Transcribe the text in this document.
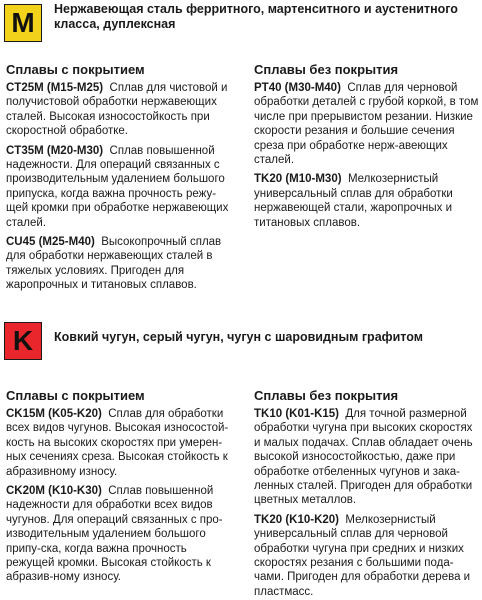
M	Нержавеющая сталь ферритного, мартенситного и аустенитного класса, дуплексная
Сплавы с покрытием

CT25M (M15-M25) Сплав для чистовой и получистовой обработки нержавеющих сталей. Высокая износостойкость при скоростной обработке.

CT35M (M20-M30) Сплав повышенной надежности. Для операций связанных с производительным удалением большого припуска, когда важна прочность режу-щей кромки при обработке нержавеющих сталей.

CU45 (M25-M40) Высокопрочный сплав для обработки нержавеющих сталей в тяжелых условиях. Пригоден для жаропрочных и титановых сплавов.

Сплавы без покрытия

PT40 (M30-M40) Сплав для черновой обработки деталей с грубой коркой, в том числе при прерывистом резании. Низкие скорости резания и большие сечения среза при обработке нерж-авеющих сталей.

TK20 (M10-M30) Мелкозернистый универсальный сплав для обработки нержавеющей стали, жаропрочных и титановых сплавов.

K	Ковкий чугун, серый чугун, чугун с шаровидным графитом
Сплавы с покрытием

CK15M (K05-K20) Сплав для обработки всех видов чугунов. Высокая износостой-кость на высоких скоростях при умерен-ных сечениях среза. Высокая стойкость к абразивному износу.

CK20M (K10-K30) Сплав повышенной надежности для обработки всех видов чугунов. Для операций связанных с про-изводительным удалением большого припу-ска, когда важна прочность режущей кромки. Высокая стойкость к абразив-ному износу.

Сплавы без покрытия

TK10 (K01-K15) Для точной размерной обработки чугуна при высоких скоростях и малых подачах. Сплав обладает очень высокой износостойкостью, даже при обработке отбеленных чугунов и зака-ленных сталей. Пригоден для обработки цветных металлов.

TK20 (K10-K20) Мелкозернистый универсальный сплав для черновой обработки чугуна при средних и низких скоростях резания с большими пода-чами. Пригоден для обработки дерева и пластмасс.
